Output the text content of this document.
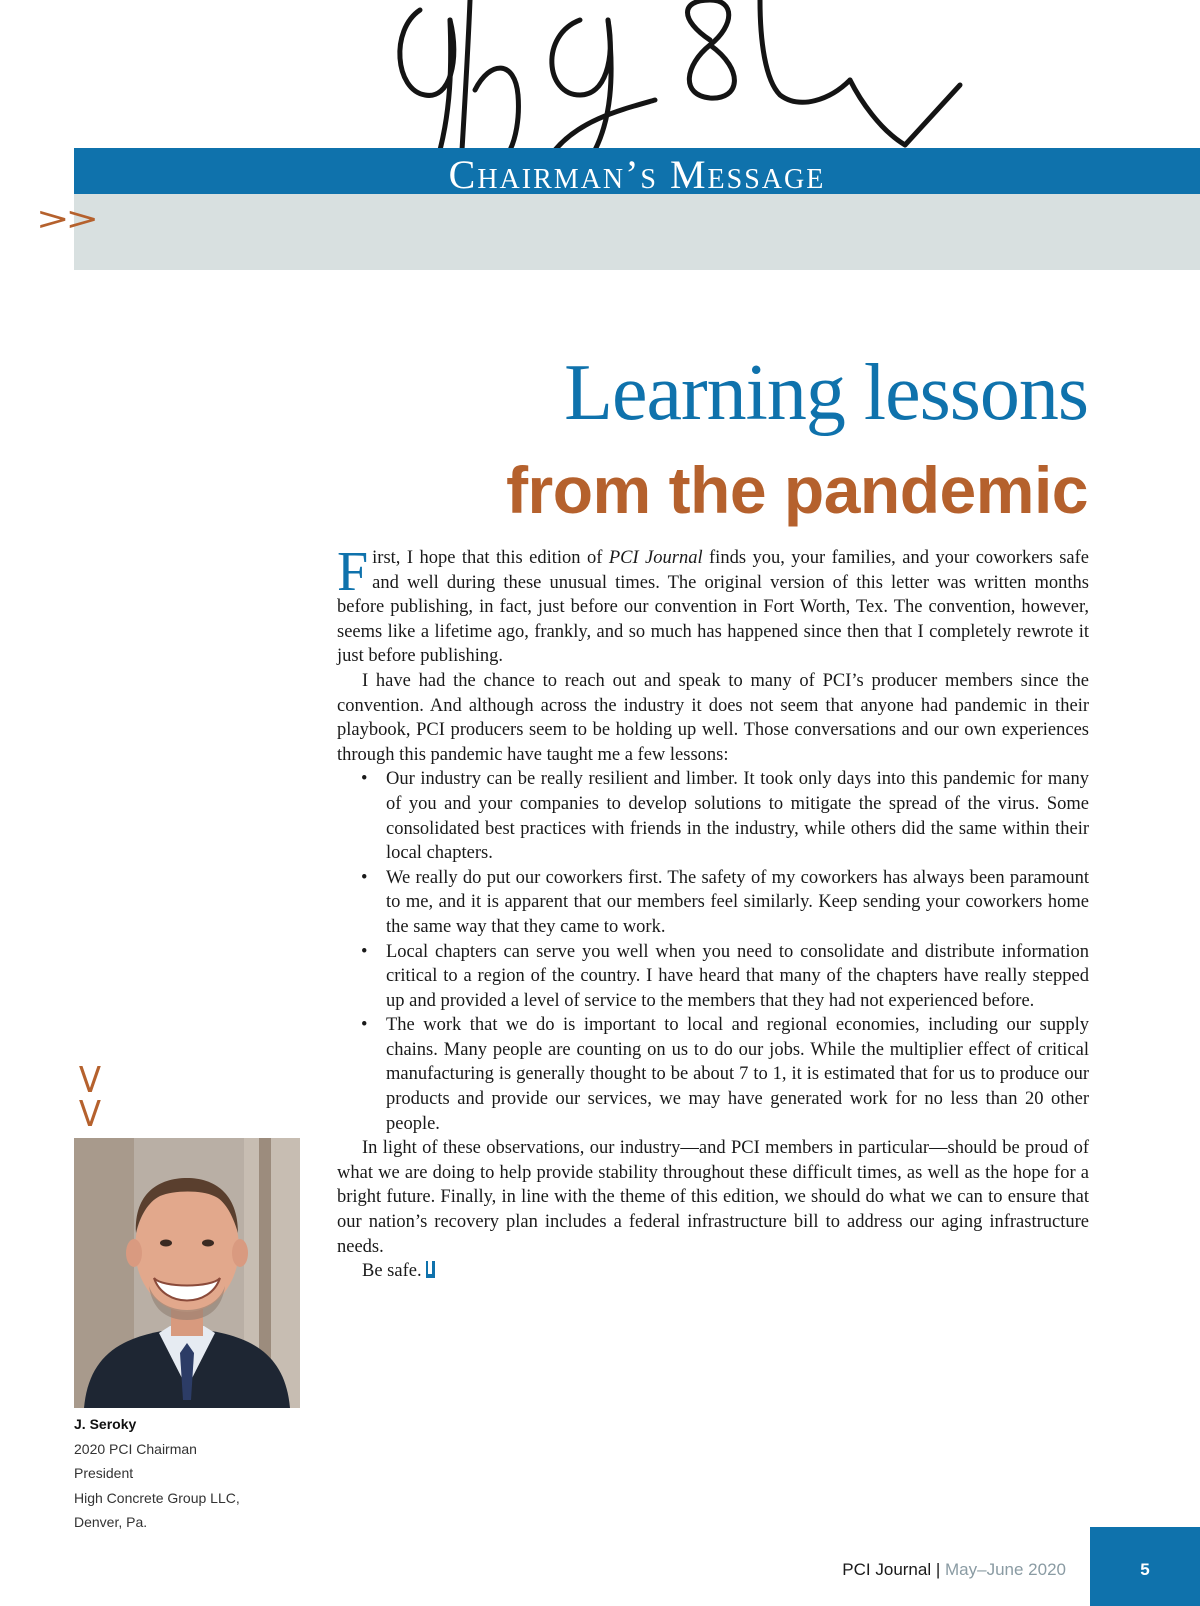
Chairman’s Message
>>
V V
Learning lessons
from the pandemic

First, I hope that this edition of PCI Journal finds you, your families, and your coworkers safe and well during these unusual times. The original version of this letter was written months before publishing, in fact, just before our convention in Fort Worth, Tex. The convention, however, seems like a lifetime ago, frankly, and so much has happened since then that I completely rewrote it just before publishing.

I have had the chance to reach out and speak to many of PCI’s producer members since the convention. And although across the industry it does not seem that anyone had pandemic in their playbook, PCI producers seem to be holding up well. Those conversations and our own experiences through this pandemic have taught me a few lessons:

• Our industry can be really resilient and limber. It took only days into this pandemic for many of you and your companies to develop solutions to mitigate the spread of the virus. Some consolidated best practices with friends in the industry, while others did the same within their local chapters.
• We really do put our coworkers first. The safety of my coworkers has always been paramount to me, and it is apparent that our members feel similarly. Keep sending your coworkers home the same way that they came to work.
• Local chapters can serve you well when you need to consolidate and distribute information critical to a region of the country. I have heard that many of the chapters have really stepped up and provided a level of service to the members that they had not experienced before.
• The work that we do is important to local and regional economies, including our supply chains. Many people are counting on us to do our jobs. While the multiplier effect of critical manufacturing is generally thought to be about 7 to 1, it is estimated that for us to produce our products and provide our services, we may have generated work for no less than 20 other people.

In light of these observations, our industry—and PCI members in particular—should be proud of what we are doing to help provide stability throughout these difficult times, as well as the hope for a bright future. Finally, in line with the theme of this edition, we should do what we can to ensure that our nation’s recovery plan includes a federal infrastructure bill to address our aging infrastructure needs.

Be safe.

J. Seroky
2020 PCI Chairman
President
High Concrete Group LLC,
Denver, Pa.
PCI Journal | May–June 2020	5
